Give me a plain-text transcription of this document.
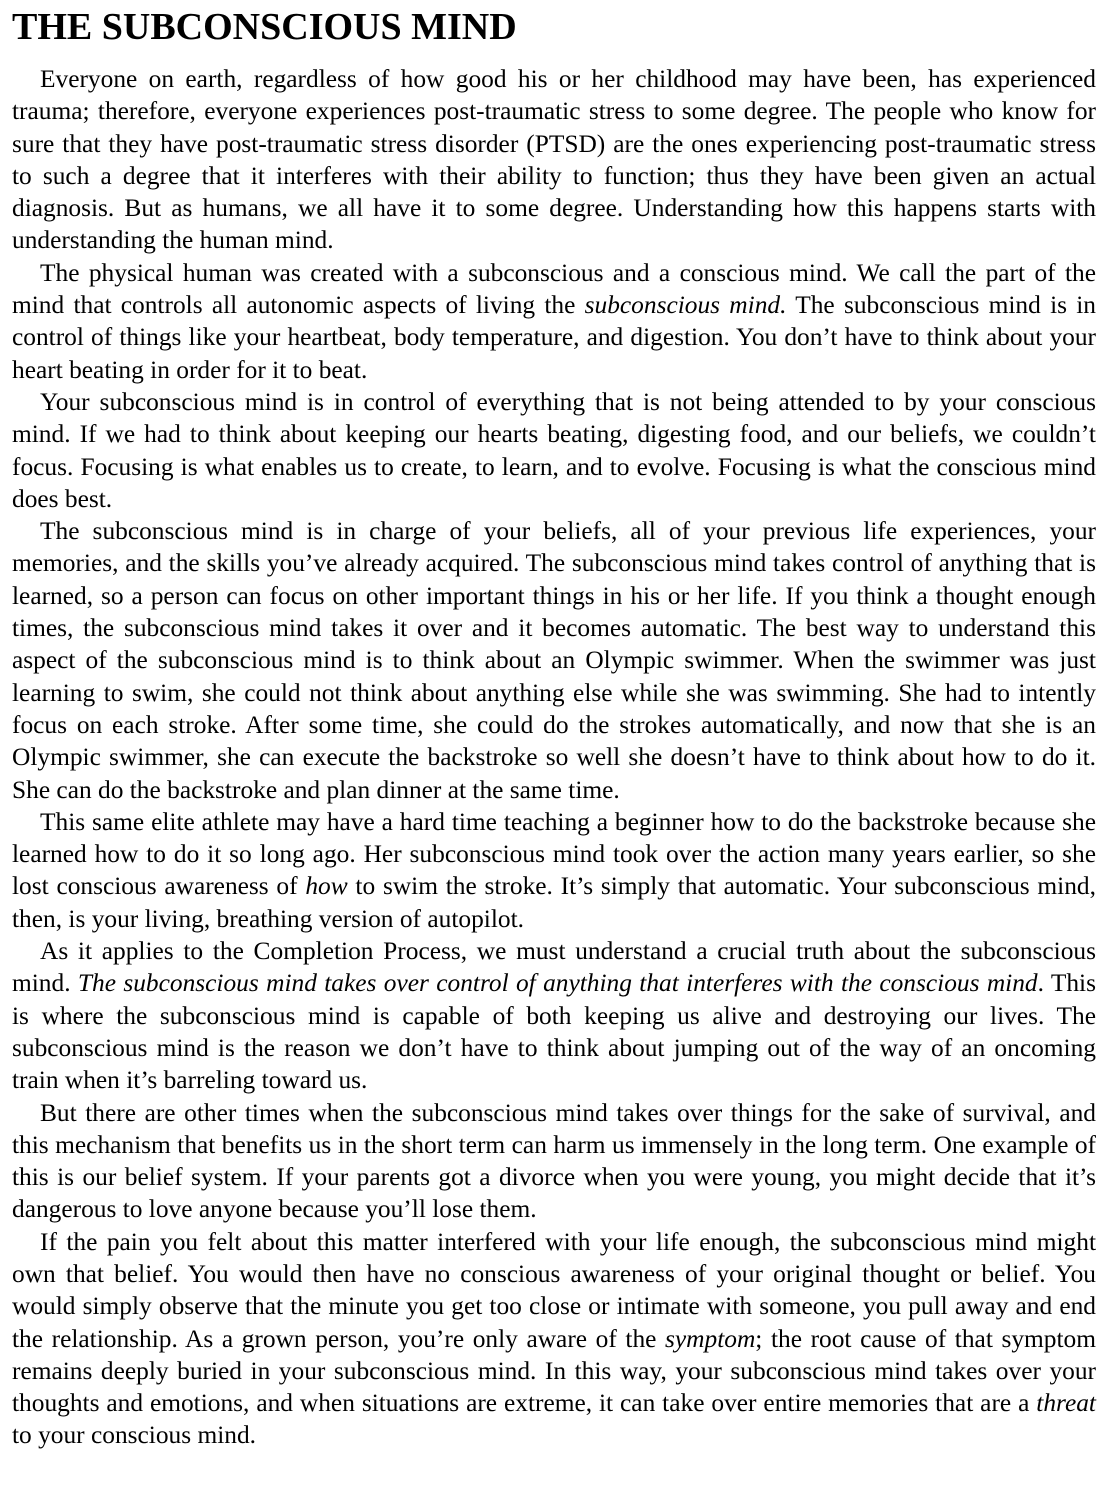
THE SUBCONSCIOUS MIND

Everyone on earth, regardless of how good his or her childhood may have been, has experienced trauma; therefore, everyone experiences post-traumatic stress to some degree. The people who know for sure that they have post-traumatic stress disorder (PTSD) are the ones experiencing post-traumatic stress to such a degree that it interferes with their ability to function; thus they have been given an actual diagnosis. But as humans, we all have it to some degree. Understanding how this happens starts with understanding the human mind.

The physical human was created with a subconscious and a conscious mind. We call the part of the mind that controls all autonomic aspects of living the subconscious mind. The subconscious mind is in control of things like your heartbeat, body temperature, and digestion. You don’t have to think about your heart beating in order for it to beat.

Your subconscious mind is in control of everything that is not being attended to by your conscious mind. If we had to think about keeping our hearts beating, digesting food, and our beliefs, we couldn’t focus. Focusing is what enables us to create, to learn, and to evolve. Focusing is what the conscious mind does best.

The subconscious mind is in charge of your beliefs, all of your previous life experiences, your memories, and the skills you’ve already acquired. The subconscious mind takes control of anything that is learned, so a person can focus on other important things in his or her life. If you think a thought enough times, the subconscious mind takes it over and it becomes automatic. The best way to understand this aspect of the subconscious mind is to think about an Olympic swimmer. When the swimmer was just learning to swim, she could not think about anything else while she was swimming. She had to intently focus on each stroke. After some time, she could do the strokes automatically, and now that she is an Olympic swimmer, she can execute the backstroke so well she doesn’t have to think about how to do it. She can do the backstroke and plan dinner at the same time.

This same elite athlete may have a hard time teaching a beginner how to do the backstroke because she learned how to do it so long ago. Her subconscious mind took over the action many years earlier, so she lost conscious awareness of how to swim the stroke. It’s simply that automatic. Your subconscious mind, then, is your living, breathing version of autopilot.

As it applies to the Completion Process, we must understand a crucial truth about the subconscious mind. The subconscious mind takes over control of anything that interferes with the conscious mind. This is where the subconscious mind is capable of both keeping us alive and destroying our lives. The subconscious mind is the reason we don’t have to think about jumping out of the way of an oncoming train when it’s barreling toward us.

But there are other times when the subconscious mind takes over things for the sake of survival, and this mechanism that benefits us in the short term can harm us immensely in the long term. One example of this is our belief system. If your parents got a divorce when you were young, you might decide that it’s dangerous to love anyone because you’ll lose them.

If the pain you felt about this matter interfered with your life enough, the subconscious mind might own that belief. You would then have no conscious awareness of your original thought or belief. You would simply observe that the minute you get too close or intimate with someone, you pull away and end the relationship. As a grown person, you’re only aware of the symptom; the root cause of that symptom remains deeply buried in your subconscious mind. In this way, your subconscious mind takes over your thoughts and emotions, and when situations are extreme, it can take over entire memories that are a threat to your conscious mind.
